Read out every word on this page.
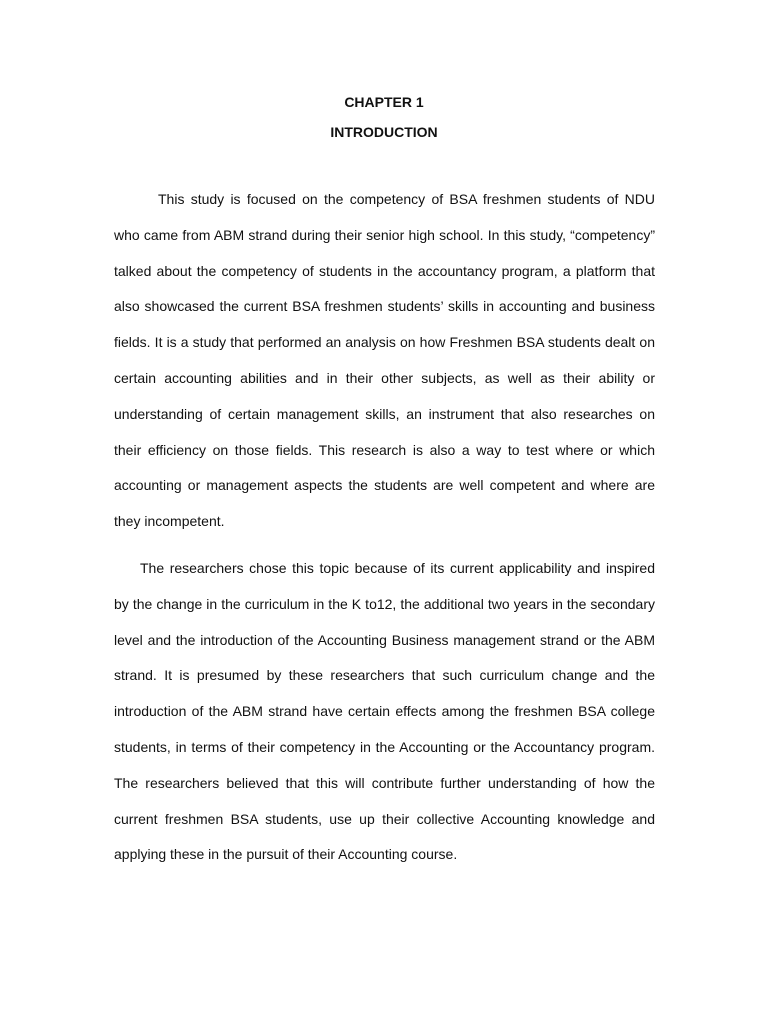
CHAPTER 1
INTRODUCTION

This study is focused on the competency of BSA freshmen students of NDU who came from ABM strand during their senior high school. In this study, “competency” talked about the competency of students in the accountancy program, a platform that also showcased the current BSA freshmen students’ skills in accounting and business fields. It is a study that performed an analysis on how Freshmen BSA students dealt on certain accounting abilities and in their other subjects, as well as their ability or understanding of certain management skills, an instrument that also researches on their efficiency on those fields. This research is also a way to test where or which accounting or management aspects the students are well competent and where are they incompetent.

The researchers chose this topic because of its current applicability and inspired by the change in the curriculum in the K to12, the additional two years in the secondary level and the introduction of the Accounting Business management strand or the ABM strand. It is presumed by these researchers that such curriculum change and the introduction of the ABM strand have certain effects among the freshmen BSA college students, in terms of their competency in the Accounting or the Accountancy program. The researchers believed that this will contribute further understanding of how the current freshmen BSA students, use up their collective Accounting knowledge and applying these in the pursuit of their Accounting course.
